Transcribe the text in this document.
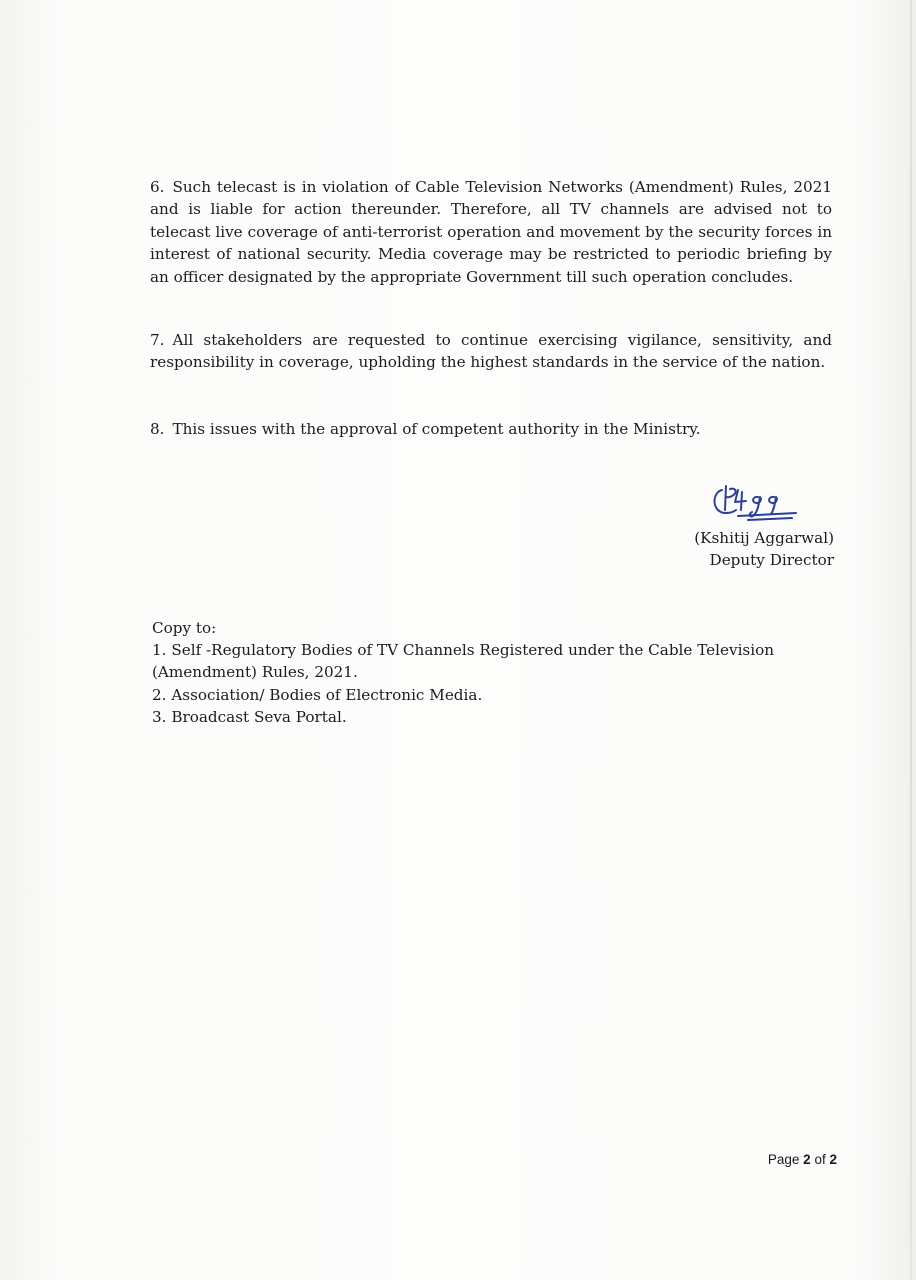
6. Such telecast is in violation of Cable Television Networks (Amendment) Rules, 2021 and is liable for action thereunder. Therefore, all TV channels are advised not to telecast live coverage of anti-terrorist operation and movement by the security forces in interest of national security. Media coverage may be restricted to periodic briefing by an officer designated by the appropriate Government till such operation concludes.

7. All stakeholders are requested to continue exercising vigilance, sensitivity, and responsibility in coverage, upholding the highest standards in the service of the nation.

8. This issues with the approval of competent authority in the Ministry.

(Kshitij Aggarwal)
Deputy Director
Copy to:
1. Self -Regulatory Bodies of TV Channels Registered under the Cable Television (Amendment) Rules, 2021.
2. Association/ Bodies of Electronic Media.
3. Broadcast Seva Portal.
Page 2 of 2
